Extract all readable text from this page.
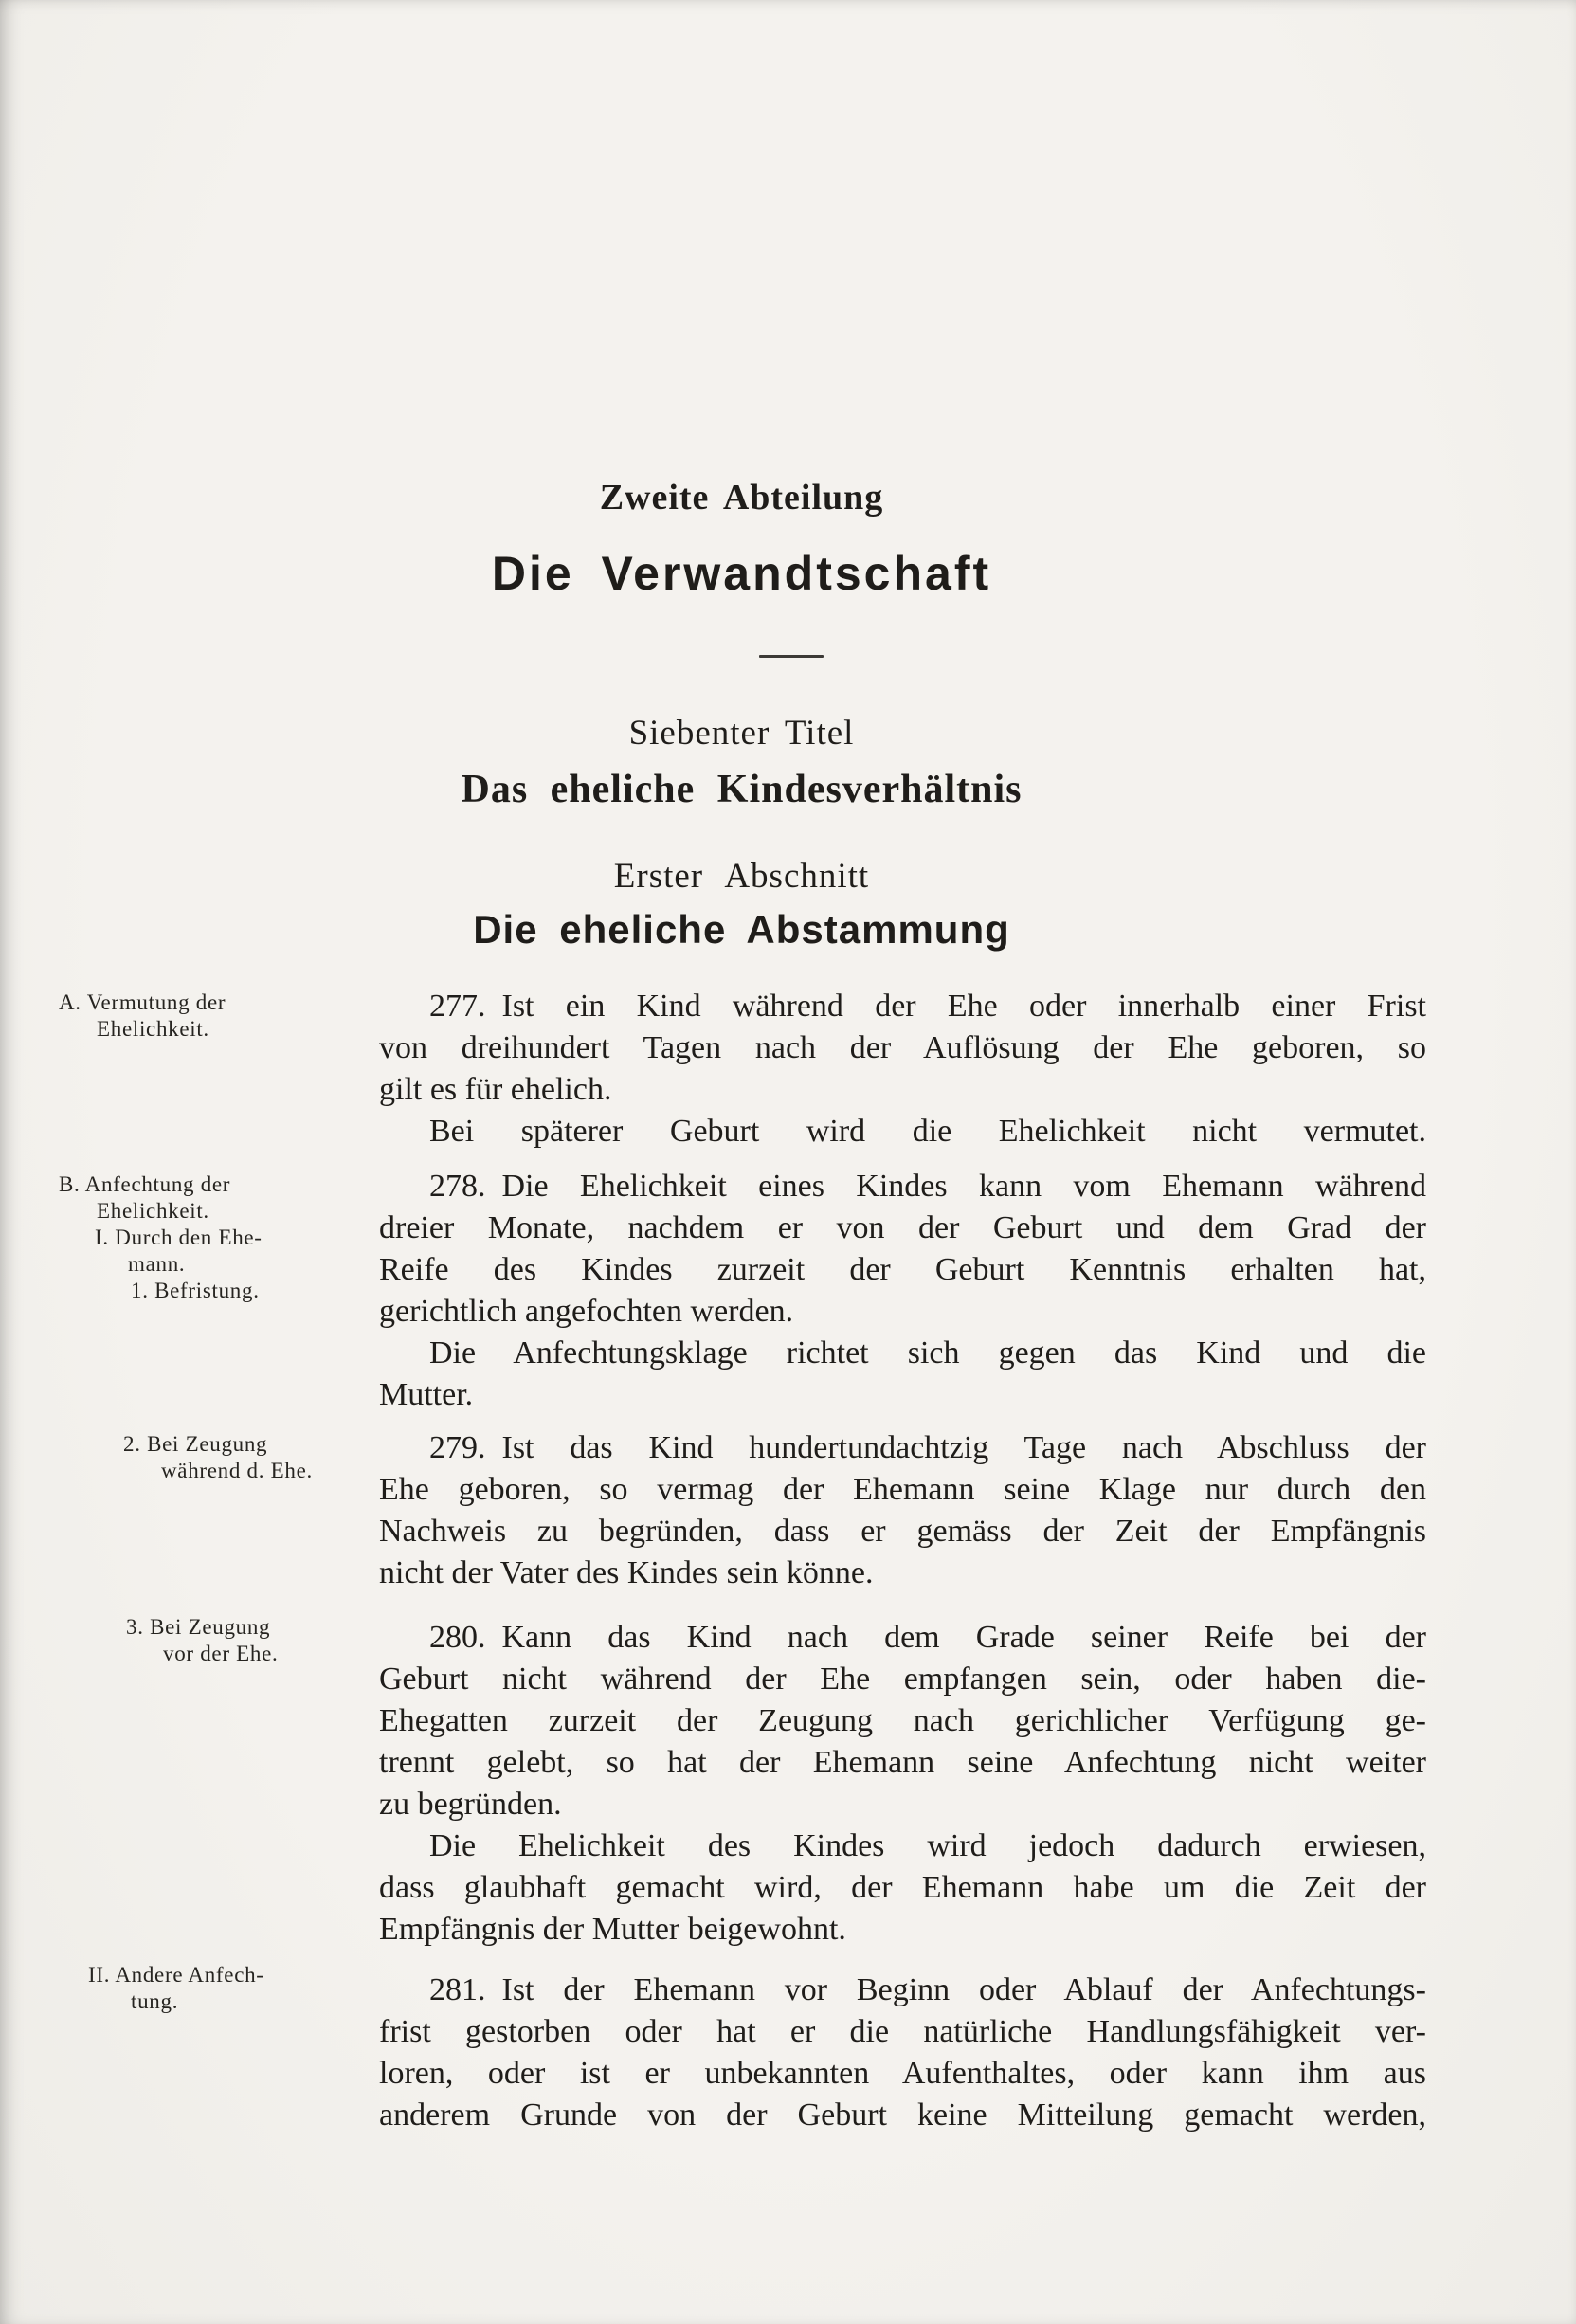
Zweite Abteilung
Die Verwandtschaft
Siebenter Titel
Das eheliche Kindesverhältnis
Erster Abschnitt
Die eheliche Abstammung
A. Vermutung der
Ehelichkeit.
B. Anfechtung der
Ehelichkeit.
I. Durch den Ehe-
mann.
1. Befristung.
2. Bei Zeugung
während d. Ehe.
3. Bei Zeugung
vor der Ehe.
II. Andere Anfech-
tung.
277. Ist ein Kind während der Ehe oder innerhalb einer Frist
von dreihundert Tagen nach der Auflösung der Ehe geboren, so
gilt es für ehelich.
Bei späterer Geburt wird die Ehelichkeit nicht vermutet.
278. Die Ehelichkeit eines Kindes kann vom Ehemann während
dreier Monate, nachdem er von der Geburt und dem Grad der
Reife des Kindes zurzeit der Geburt Kenntnis erhalten hat,
gerichtlich angefochten werden.
Die Anfechtungsklage richtet sich gegen das Kind und die
Mutter.
279. Ist das Kind hundertundachtzig Tage nach Abschluss der
Ehe geboren, so vermag der Ehemann seine Klage nur durch den
Nachweis zu begründen, dass er gemäss der Zeit der Empfängnis
nicht der Vater des Kindes sein könne.
280. Kann das Kind nach dem Grade seiner Reife bei der
Geburt nicht während der Ehe empfangen sein, oder haben die-
Ehegatten zurzeit der Zeugung nach gerichlicher Verfügung ge-
trennt gelebt, so hat der Ehemann seine Anfechtung nicht weiter
zu begründen.
Die Ehelichkeit des Kindes wird jedoch dadurch erwiesen,
dass glaubhaft gemacht wird, der Ehemann habe um die Zeit der
Empfängnis der Mutter beigewohnt.
281. Ist der Ehemann vor Beginn oder Ablauf der Anfechtungs-
frist gestorben oder hat er die natürliche Handlungsfähigkeit ver-
loren, oder ist er unbekannten Aufenthaltes, oder kann ihm aus
anderem Grunde von der Geburt keine Mitteilung gemacht werden,
